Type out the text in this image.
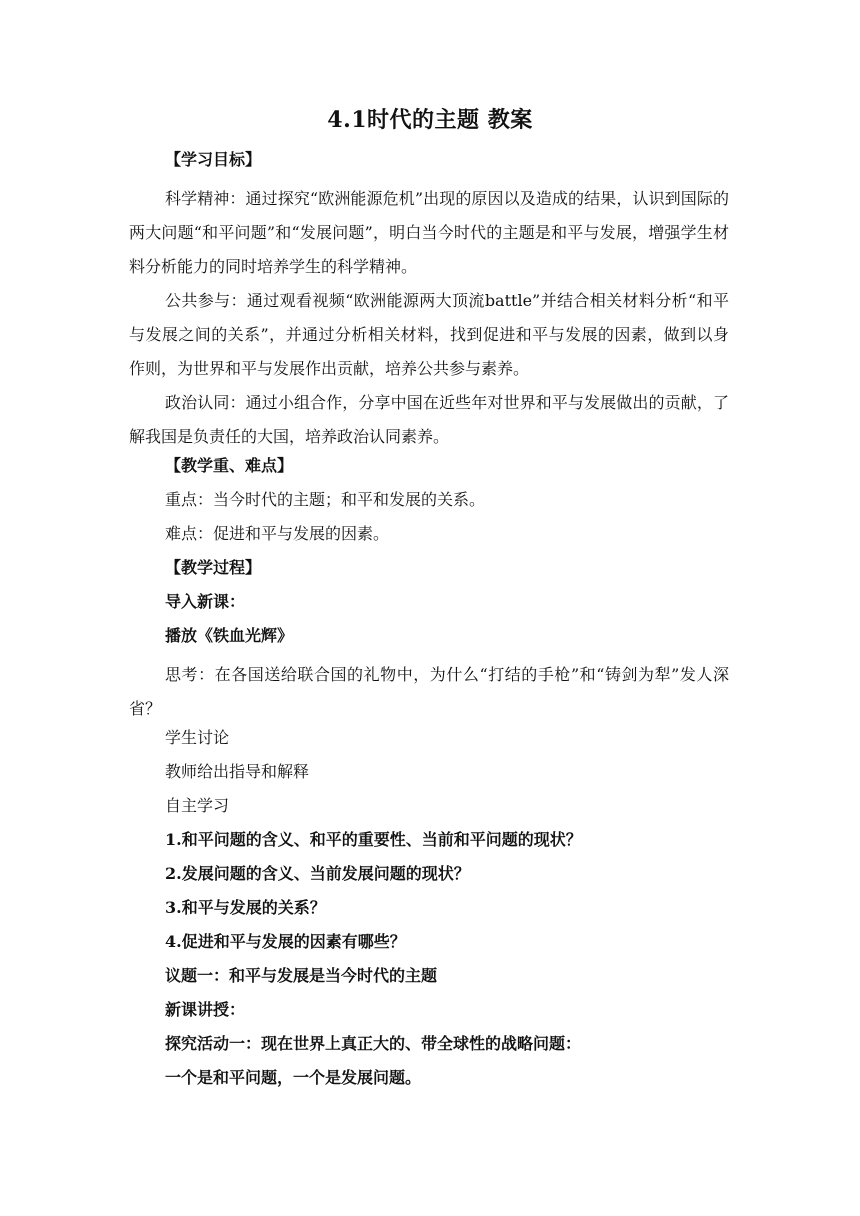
4.1时代的主题 教案
【学习目标】

科学精神：通过探究“欧洲能源危机”出现的原因以及造成的结果，认识到国际的两大问题“和平问题”和“发展问题”，明白当今时代的主题是和平与发展，增强学生材料分析能力的同时培养学生的科学精神。

公共参与：通过观看视频“欧洲能源两大顶流battle”并结合相关材料分析“和平与发展之间的关系”，并通过分析相关材料，找到促进和平与发展的因素，做到以身作则，为世界和平与发展作出贡献，培养公共参与素养。

政治认同：通过小组合作，分享中国在近些年对世界和平与发展做出的贡献，了解我国是负责任的大国，培养政治认同素养。

【教学重、难点】
重点：当今时代的主题；和平和发展的关系。
难点：促进和平与发展的因素。
【教学过程】
导入新课：
播放《铁血光辉》

思考：在各国送给联合国的礼物中，为什么“打结的手枪”和“铸剑为犁”发人深省？

学生讨论
教师给出指导和解释
自主学习
1.和平问题的含义、和平的重要性、当前和平问题的现状？
2.发展问题的含义、当前发展问题的现状？
3.和平与发展的关系？
4.促进和平与发展的因素有哪些？
议题一：和平与发展是当今时代的主题
新课讲授：
探究活动一：现在世界上真正大的、带全球性的战略问题：
一个是和平问题，一个是发展问题。
